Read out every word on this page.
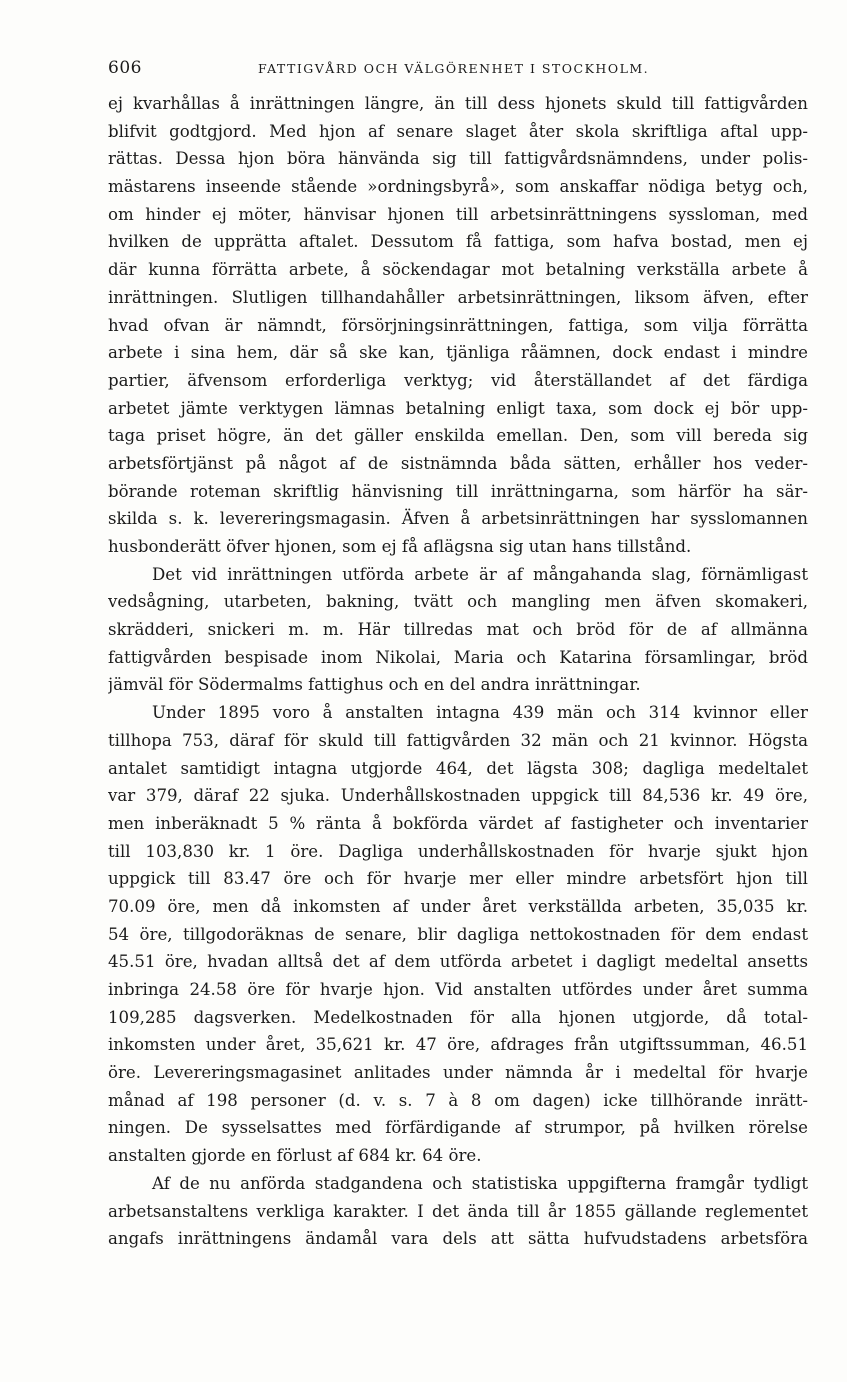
606	FATTIGVÅRD OCH VÄLGÖRENHET I STOCKHOLM.
ej kvarhållas å inrättningen längre, än till dess hjonets skuld till fattigvården
blifvit godtgjord. Med hjon af senare slaget åter skola skriftliga aftal upp-
rättas. Dessa hjon böra hänvända sig till fattigvårdsnämndens, under polis-
mästarens inseende stående »ordningsbyrå», som anskaffar nödiga betyg och,
om hinder ej möter, hänvisar hjonen till arbetsinrättningens syssloman, med
hvilken de upprätta aftalet. Dessutom få fattiga, som hafva bostad, men ej
där kunna förrätta arbete, å söckendagar mot betalning verkställa arbete å
inrättningen. Slutligen tillhandahåller arbetsinrättningen, liksom äfven, efter
hvad ofvan är nämndt, försörjningsinrättningen, fattiga, som vilja förrätta
arbete i sina hem, där så ske kan, tjänliga råämnen, dock endast i mindre
partier, äfvensom erforderliga verktyg; vid återställandet af det färdiga
arbetet jämte verktygen lämnas betalning enligt taxa, som dock ej bör upp-
taga priset högre, än det gäller enskilda emellan. Den, som vill bereda sig
arbetsförtjänst på något af de sistnämnda båda sätten, erhåller hos veder-
börande roteman skriftlig hänvisning till inrättningarna, som härför ha sär-
skilda s. k. levereringsmagasin. Äfven å arbetsinrättningen har sysslomannen
husbonderätt öfver hjonen, som ej få aflägsna sig utan hans tillstånd.
Det vid inrättningen utförda arbete är af mångahanda slag, förnämligast
vedsågning, utarbeten, bakning, tvätt och mangling men äfven skomakeri,
skrädderi, snickeri m. m. Här tillredas mat och bröd för de af allmänna
fattigvården bespisade inom Nikolai, Maria och Katarina församlingar, bröd
jämväl för Södermalms fattighus och en del andra inrättningar.
Under 1895 voro å anstalten intagna 439 män och 314 kvinnor eller
tillhopa 753, däraf för skuld till fattigvården 32 män och 21 kvinnor. Högsta
antalet samtidigt intagna utgjorde 464, det lägsta 308; dagliga medeltalet
var 379, däraf 22 sjuka. Underhållskostnaden uppgick till 84,536 kr. 49 öre,
men inberäknadt 5 % ränta å bokförda värdet af fastigheter och inventarier
till 103,830 kr. 1 öre. Dagliga underhållskostnaden för hvarje sjukt hjon
uppgick till 83.47 öre och för hvarje mer eller mindre arbetsfört hjon till
70.09 öre, men då inkomsten af under året verkställda arbeten, 35,035 kr.
54 öre, tillgodoräknas de senare, blir dagliga nettokostnaden för dem endast
45.51 öre, hvadan alltså det af dem utförda arbetet i dagligt medeltal ansetts
inbringa 24.58 öre för hvarje hjon. Vid anstalten utfördes under året summa
109,285 dagsverken. Medelkostnaden för alla hjonen utgjorde, då total-
inkomsten under året, 35,621 kr. 47 öre, afdrages från utgiftssumman, 46.51
öre. Levereringsmagasinet anlitades under nämnda år i medeltal för hvarje
månad af 198 personer (d. v. s. 7 à 8 om dagen) icke tillhörande inrätt-
ningen. De sysselsattes med förfärdigande af strumpor, på hvilken rörelse
anstalten gjorde en förlust af 684 kr. 64 öre.
Af de nu anförda stadgandena och statistiska uppgifterna framgår tydligt
arbetsanstaltens verkliga karakter. I det ända till år 1855 gällande reglementet
angafs inrättningens ändamål vara dels att sätta hufvudstadens arbetsföra
